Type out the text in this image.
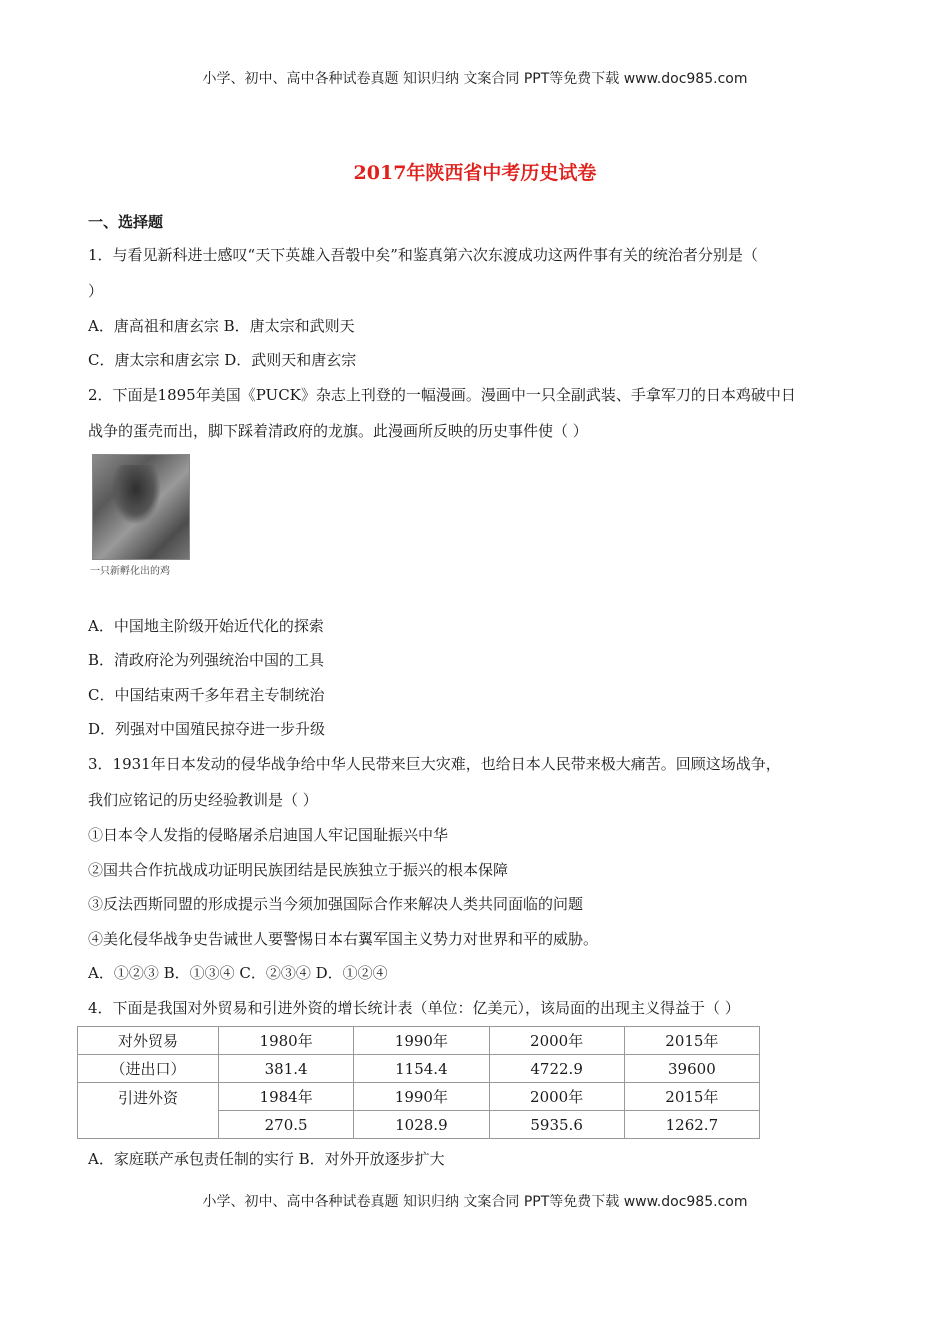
小学、初中、高中各种试卷真题 知识归纳 文案合同 PPT等免费下载 www.doc985.com
2017年陕西省中考历史试卷
一、选择题
1．与看见新科进士感叹“天下英雄入吾彀中矣”和鉴真第六次东渡成功这两件事有关的统治者分别是（
）
A．唐高祖和唐玄宗 B．唐太宗和武则天
C．唐太宗和唐玄宗 D．武则天和唐玄宗
2．下面是1895年美国《PUCK》杂志上刊登的一幅漫画。漫画中一只全副武装、手拿军刀的日本鸡破中日
战争的蛋壳而出，脚下踩着清政府的龙旗。此漫画所反映的历史事件使（ ）
一只新孵化出的鸡
A．中国地主阶级开始近代化的探索
B．清政府沦为列强统治中国的工具
C．中国结束两千多年君主专制统治
D．列强对中国殖民掠夺进一步升级
3．1931年日本发动的侵华战争给中华人民带来巨大灾难，也给日本人民带来极大痛苦。回顾这场战争，
我们应铭记的历史经验教训是（ ）
①日本令人发指的侵略屠杀启迪国人牢记国耻振兴中华
②国共合作抗战成功证明民族团结是民族独立于振兴的根本保障
③反法西斯同盟的形成提示当今须加强国际合作来解决人类共同面临的问题
④美化侵华战争史告诫世人要警惕日本右翼军国主义势力对世界和平的威胁。
A．①②③ B．①③④ C．②③④ D．①②④
4．下面是我国对外贸易和引进外资的增长统计表（单位：亿美元），该局面的出现主义得益于（ ）
对外贸易	1980年	1990年	2000年	2015年
（进出口）	381.4	1154.4	4722.9	39600
引进外资	1984年	1990年	2000年	2015年
	270.5	1028.9	5935.6	1262.7
A．家庭联产承包责任制的实行 B．对外开放逐步扩大
小学、初中、高中各种试卷真题 知识归纳 文案合同 PPT等免费下载 www.doc985.com
